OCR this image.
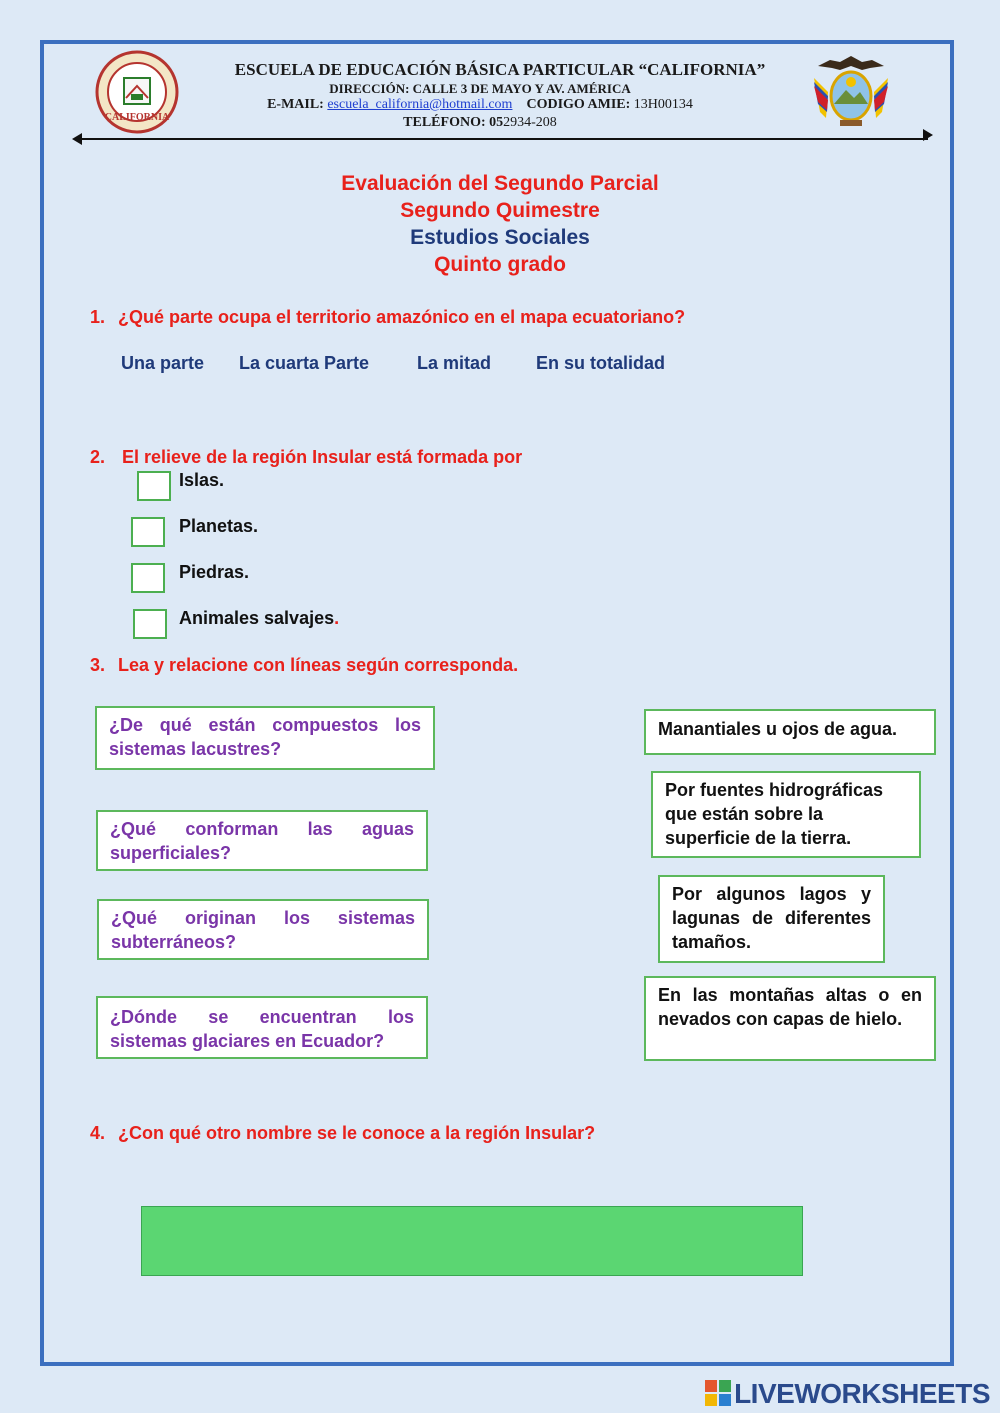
CALIFORNIA
ESCUELA DE EDUCACIÓN BÁSICA PARTICULAR “CALIFORNIA”
DIRECCIÓN: CALLE 3 DE MAYO Y AV. AMÉRICA
E-MAIL: escuela_california@hotmail.com CODIGO AMIE: 13H00134
TELÉFONO: 052934-208
Evaluación del Segundo Parcial
Segundo Quimestre
Estudios Sociales
Quinto grado
1. ¿Qué parte ocupa el territorio amazónico en el mapa ecuatoriano?
Una parte La cuarta Parte	La mitad En su totalidad
2. El relieve de la región Insular está formada por
Islas.
Planetas.
Piedras.
Animales salvajes.
3. Lea y relacione con líneas según corresponda.
¿De qué están compuestos los sistemas lacustres?
¿Qué conforman las aguas superficiales?
¿Qué originan los sistemas subterráneos?
¿Dónde se encuentran los sistemas glaciares en Ecuador?
Manantiales u ojos de agua.
Por fuentes hidrográficas que están sobre la superficie de la tierra.
Por algunos lagos y lagunas de diferentes tamaños.
En las montañas altas o en nevados con capas de hielo.
4. ¿Con qué otro nombre se le conoce a la región Insular?
LIVEWORKSHEETS
